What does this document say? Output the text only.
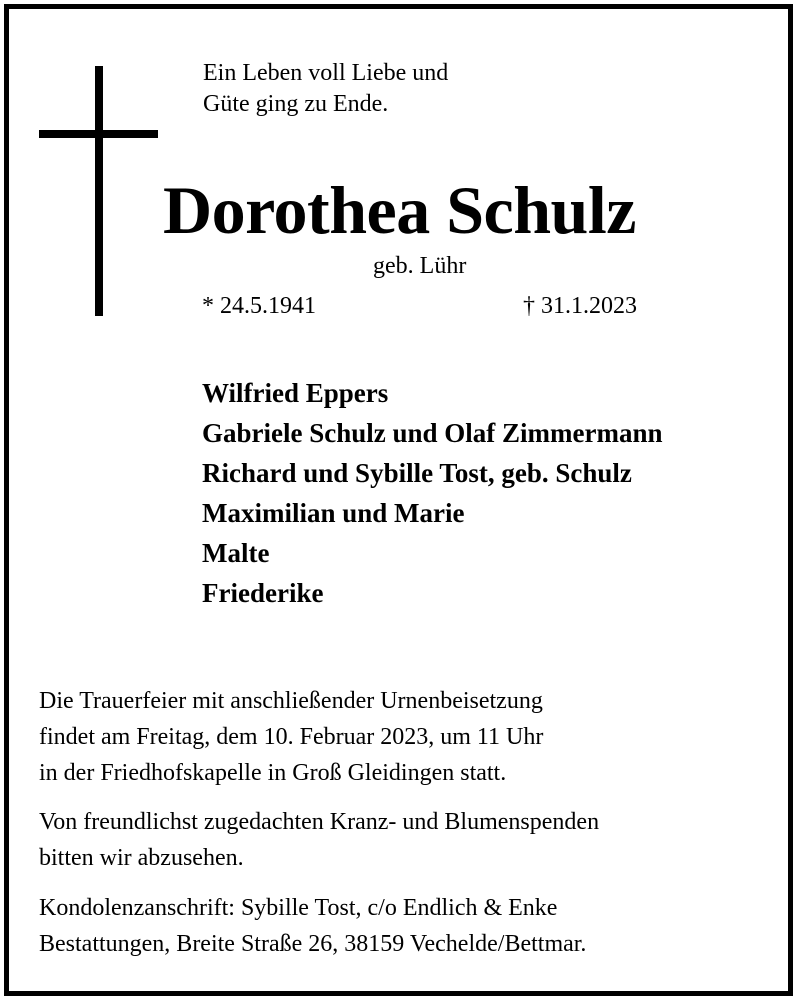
Ein Leben voll Liebe und
Güte ging zu Ende.

Dorothea Schulz

geb. Lühr

* 24.5.1941	† 31.1.2023

Wilfried Eppers
Gabriele Schulz und Olaf Zimmermann
Richard und Sybille Tost, geb. Schulz
Maximilian und Marie
Malte
Friederike

Die Trauerfeier mit anschließender Urnenbeisetzung
findet am Freitag, dem 10. Februar 2023, um 11 Uhr
in der Friedhofskapelle in Groß Gleidingen statt.

Von freundlichst zugedachten Kranz- und Blumenspenden
bitten wir abzusehen.

Kondolenzanschrift: Sybille Tost, c/o Endlich & Enke
Bestattungen, Breite Straße 26, 38159 Vechelde/Bettmar.
